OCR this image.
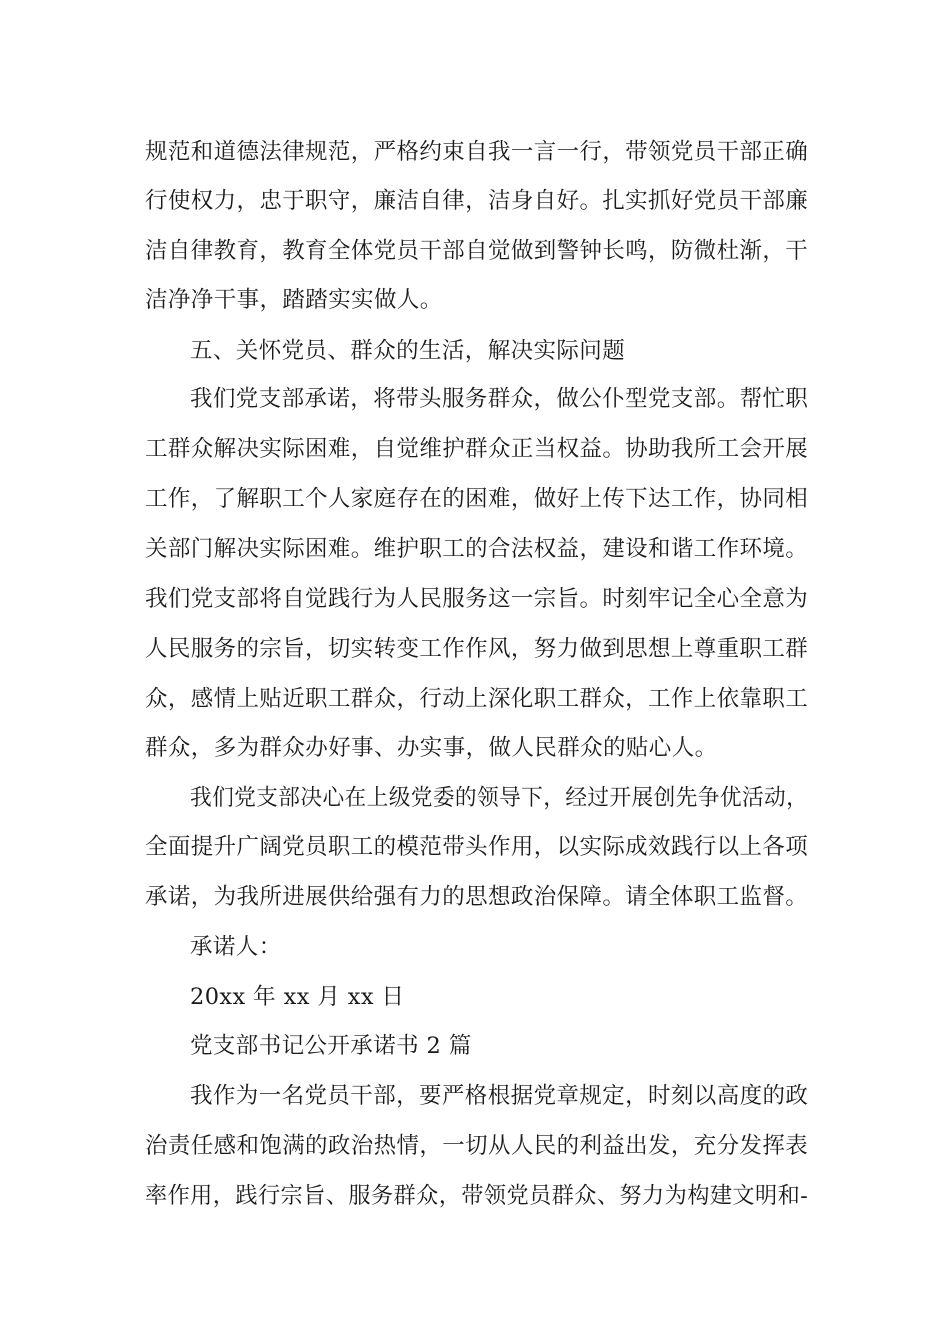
规范和道德法律规范，严格约束自我一言一行，带领党员干部正确
行使权力，忠于职守，廉洁自律，洁身自好。扎实抓好党员干部廉
洁自律教育，教育全体党员干部自觉做到警钟长鸣，防微杜渐，干
洁净净干事，踏踏实实做人。
五、关怀党员、群众的生活，解决实际问题
我们党支部承诺，将带头服务群众，做公仆型党支部。帮忙职
工群众解决实际困难，自觉维护群众正当权益。协助我所工会开展
工作，了解职工个人家庭存在的困难，做好上传下达工作，协同相
关部门解决实际困难。维护职工的合法权益，建设和谐工作环境。
我们党支部将自觉践行为人民服务这一宗旨。时刻牢记全心全意为
人民服务的宗旨，切实转变工作作风，努力做到思想上尊重职工群
众，感情上贴近职工群众，行动上深化职工群众，工作上依靠职工
群众，多为群众办好事、办实事，做人民群众的贴心人。
我们党支部决心在上级党委的领导下，经过开展创先争优活动，
全面提升广阔党员职工的模范带头作用，以实际成效践行以上各项
承诺，为我所进展供给强有力的思想政治保障。请全体职工监督。
承诺人：
20xx 年 xx 月 xx 日
党支部书记公开承诺书 2 篇
我作为一名党员干部，要严格根据党章规定，时刻以高度的政
治责任感和饱满的政治热情，一切从人民的利益出发，充分发挥表
率作用，践行宗旨、服务群众，带领党员群众、努力为构建文明和-
